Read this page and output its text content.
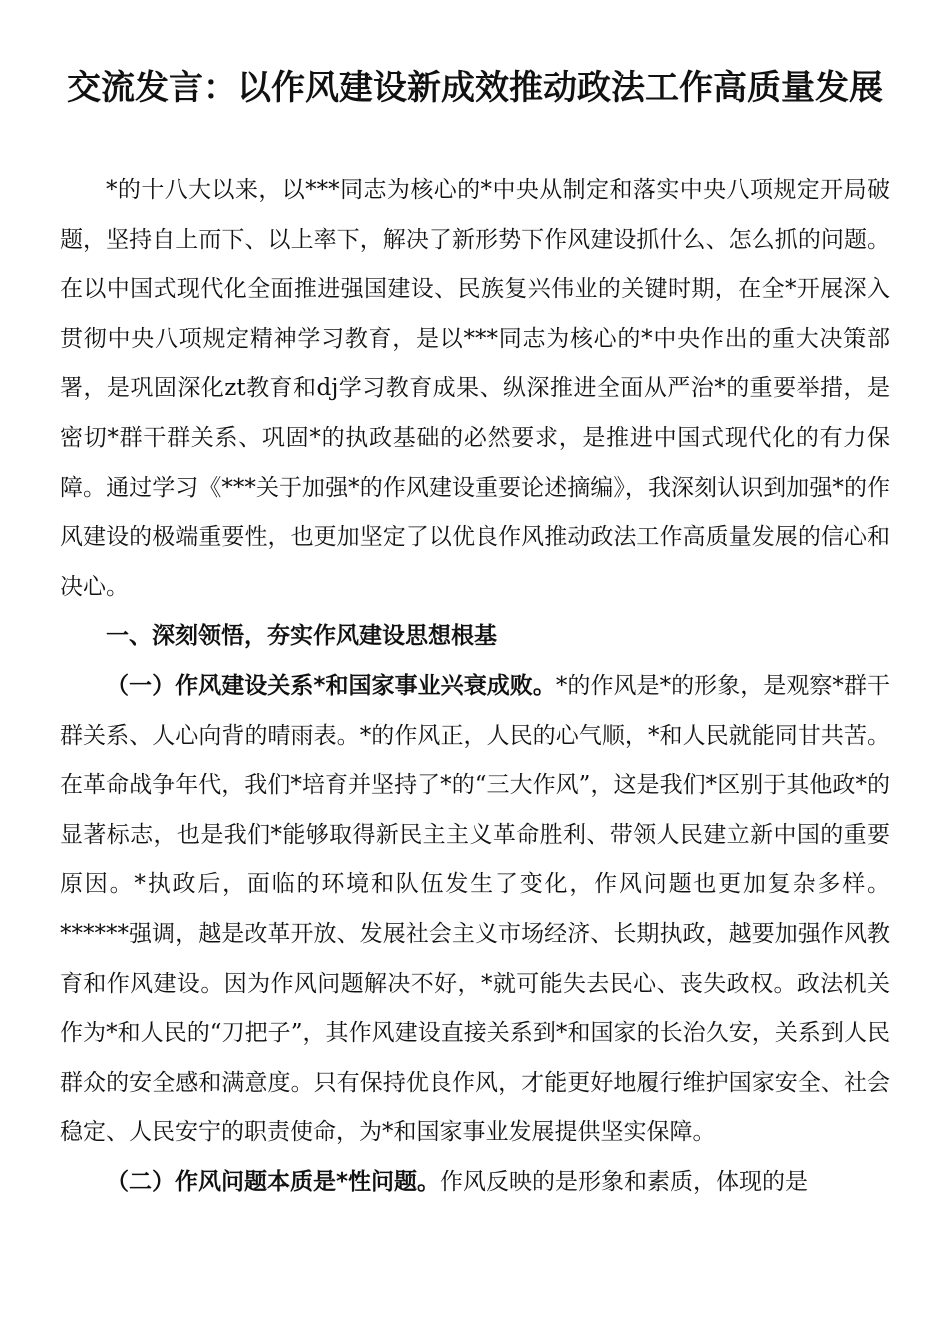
交流发言：以作风建设新成效推动政法工作高质量发展

*的十八大以来，以***同志为核心的*中央从制定和落实中央八项规定开局破题，坚持自上而下、以上率下，解决了新形势下作风建设抓什么、怎么抓的问题。在以中国式现代化全面推进强国建设、民族复兴伟业的关键时期，在全*开展深入贯彻中央八项规定精神学习教育，是以***同志为核心的*中央作出的重大决策部署，是巩固深化zt教育和dj学习教育成果、纵深推进全面从严治*的重要举措，是密切*群干群关系、巩固*的执政基础的必然要求，是推进中国式现代化的有力保障。通过学习《***关于加强*的作风建设重要论述摘编》，我深刻认识到加强*的作风建设的极端重要性，也更加坚定了以优良作风推动政法工作高质量发展的信心和决心。

一、深刻领悟，夯实作风建设思想根基

（一）作风建设关系*和国家事业兴衰成败。*的作风是*的形象，是观察*群干群关系、人心向背的晴雨表。*的作风正，人民的心气顺，*和人民就能同甘共苦。在革命战争年代，我们*培育并坚持了*的“三大作风”，这是我们*区别于其他政*的显著标志，也是我们*能够取得新民主主义革命胜利、带领人民建立新中国的重要原因。*执政后，面临的环境和队伍发生了变化，作风问题也更加复杂多样。******强调，越是改革开放、发展社会主义市场经济、长期执政，越要加强作风教育和作风建设。因为作风问题解决不好，*就可能失去民心、丧失政权。政法机关作为*和人民的“刀把子”，其作风建设直接关系到*和国家的长治久安，关系到人民群众的安全感和满意度。只有保持优良作风，才能更好地履行维护国家安全、社会稳定、人民安宁的职责使命，为*和国家事业发展提供坚实保障。

（二）作风问题本质是*性问题。作风反映的是形象和素质，体现的是
